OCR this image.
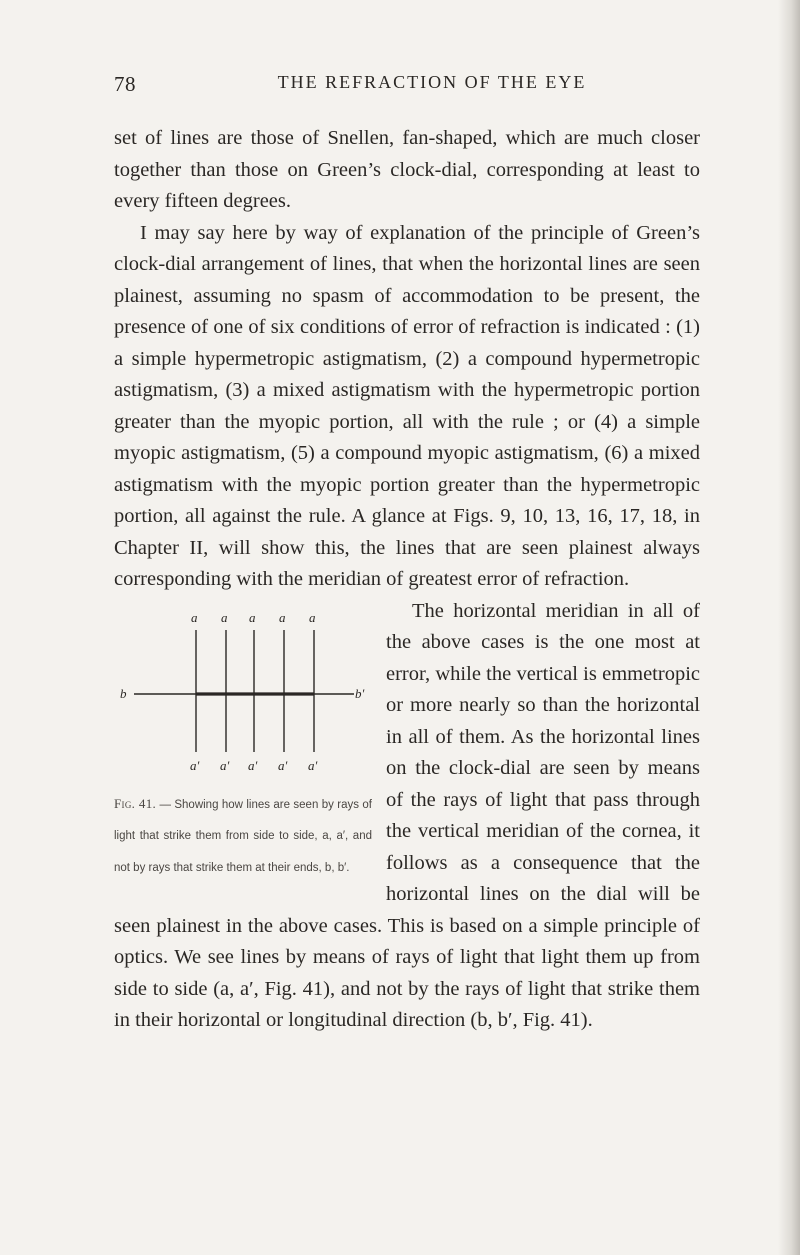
78	THE REFRACTION OF THE EYE

set of lines are those of Snellen, fan-shaped, which are much closer together than those on Green’s clock-dial, corresponding at least to every fifteen degrees.

I may say here by way of explanation of the principle of Green’s clock-dial arrangement of lines, that when the horizontal lines are seen plainest, assuming no spasm of accommodation to be present, the presence of one of six conditions of error of refraction is indicated : (1) a simple hypermetropic astigmatism, (2) a compound hypermetropic astigmatism, (3) a mixed astigmatism with the hypermetropic portion greater than the myopic portion, all with the rule ; or (4) a simple myopic astigmatism, (5) a compound myopic astigmatism, (6) a mixed astigmatism with the myopic portion greater than the hypermetropic portion, all against the rule. A glance at Figs. 9, 10, 13, 16, 17, 18, in Chapter II, will show this, the lines that are seen plainest always corresponding with the meridian of greatest error of refraction.

a a a a a
a′ a′ a′ a′ a′
b	b′
Fig. 41. — Showing how lines are seen by rays of light that strike them from side to side, a, a′, and not by rays that strike them at their ends, b, b′.
The horizontal meridian in all of the above cases is the one most at error, while the vertical is emmetropic or more nearly so than the horizontal in all of them. As the horizontal lines on the clock-dial are seen by means of the rays of light that pass through the vertical meridian of the cornea, it follows as a consequence that the horizontal lines on the dial will be seen plainest in the above cases. This is based on a simple principle of optics. We see lines by means of rays of light that light them up from side to side (a, a′, Fig. 41), and not by the rays of light that strike them in their horizontal or longitudinal direction (b, b′, Fig. 41).
